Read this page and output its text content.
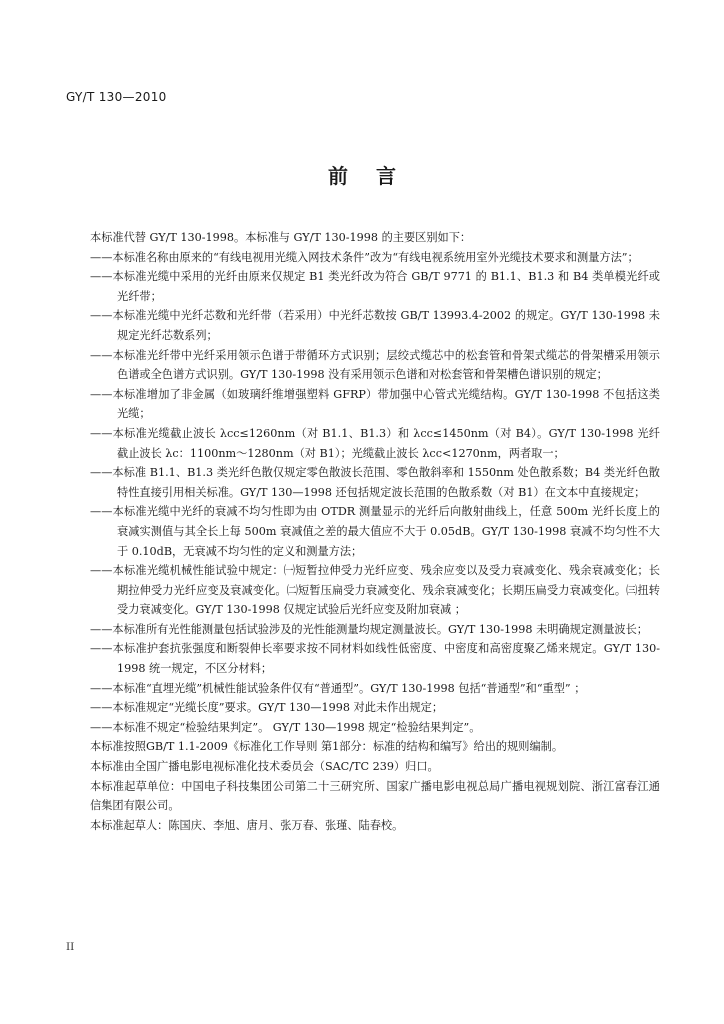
GY/T 130—2010
前 言

本标准代替 GY/T 130-1998。本标准与 GY/T 130-1998 的主要区别如下：

——本标准名称由原来的“有线电视用光缆入网技术条件”改为“有线电视系统用室外光缆技术要求和测量方法”；

——本标准光缆中采用的光纤由原来仅规定 B1 类光纤改为符合 GB/T 9771 的 B1.1、B1.3 和 B4 类单模光纤或光纤带；

——本标准光缆中光纤芯数和光纤带（若采用）中光纤芯数按 GB/T 13993.4-2002 的规定。GY/T 130-1998 未规定光纤芯数系列；

——本标准光纤带中光纤采用领示色谱于带循环方式识别；层绞式缆芯中的松套管和骨架式缆芯的骨架槽采用领示色谱或全色谱方式识别。GY/T 130-1998 没有采用领示色谱和对松套管和骨架槽色谱识别的规定；

——本标准增加了非金属（如玻璃纤维增强塑料 GFRP）带加强中心管式光缆结构。GY/T 130-1998 不包括这类光缆；

——本标准光缆截止波长 λcc≤1260nm（对 B1.1、B1.3）和 λcc≤1450nm（对 B4）。GY/T 130-1998 光纤截止波长 λc：1100nm～1280nm（对 B1）；光缆截止波长 λcc<1270nm，两者取一；

——本标准 B1.1、B1.3 类光纤色散仅规定零色散波长范围、零色散斜率和 1550nm 处色散系数；B4 类光纤色散特性直接引用相关标准。GY/T 130—1998 还包括规定波长范围的色散系数（对 B1）在文本中直接规定；

——本标准光缆中光纤的衰减不均匀性即为由 OTDR 测量显示的光纤后向散射曲线上，任意 500m 光纤长度上的衰减实测值与其全长上每 500m 衰减值之差的最大值应不大于 0.05dB。GY/T 130-1998 衰减不均匀性不大于 0.10dB，无衰减不均匀性的定义和测量方法；

——本标准光缆机械性能试验中规定：㈠短暂拉伸受力光纤应变、残余应变以及受力衰减变化、残余衰减变化；长期拉伸受力光纤应变及衰减变化。㈡短暂压扁受力衰减变化、残余衰减变化；长期压扁受力衰减变化。㈢扭转受力衰减变化。GY/T 130-1998 仅规定试验后光纤应变及附加衰减 ；

——本标准所有光性能测量包括试验涉及的光性能测量均规定测量波长。GY/T 130-1998 未明确规定测量波长；

——本标准护套抗张强度和断裂伸长率要求按不同材料如线性低密度、中密度和高密度聚乙烯来规定。GY/T 130-1998 统一规定，不区分材料；

——本标准“直埋光缆”机械性能试验条件仅有“普通型”。GY/T 130-1998 包括“普通型”和“重型” ；

——本标准规定“光缆长度”要求。GY/T 130—1998 对此未作出规定；

——本标准不规定“检验结果判定”。 GY/T 130—1998 规定“检验结果判定”。

本标准按照GB/T 1.1-2009《标准化工作导则 第1部分：标准的结构和编写》给出的规则编制。

本标准由全国广播电影电视标准化技术委员会（SAC/TC 239）归口。

本标准起草单位：中国电子科技集团公司第二十三研究所、国家广播电影电视总局广播电视规划院、浙江富春江通信集团有限公司。

本标准起草人：陈国庆、李旭、唐月、张万春、张瑾、陆春校。

II
